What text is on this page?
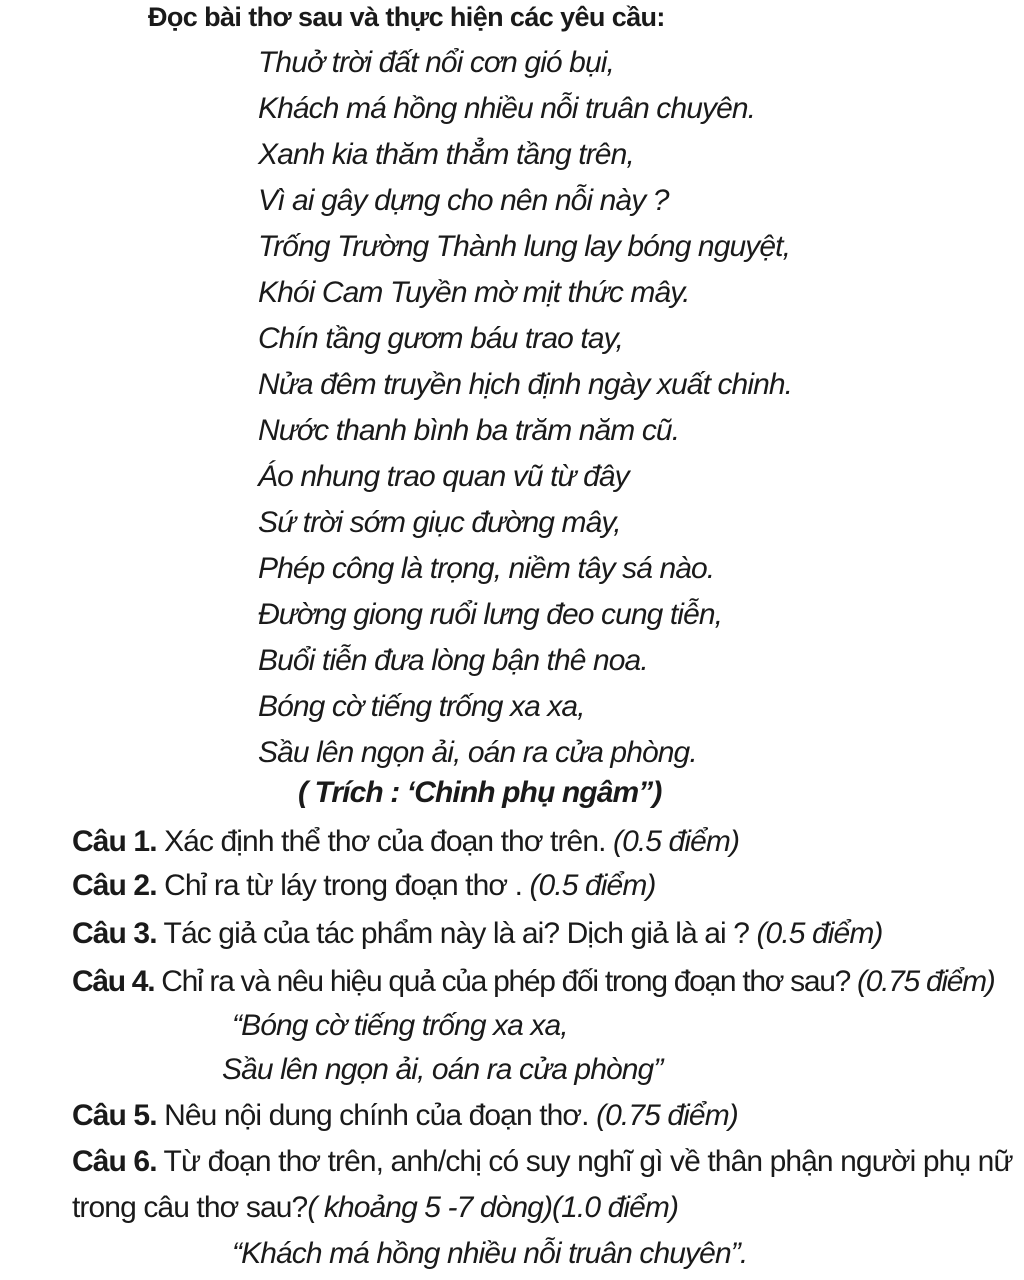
Đọc bài thơ sau và thực hiện các yêu cầu:
Thuở trời đất nổi cơn gió bụi,
Khách má hồng nhiều nỗi truân chuyên.
Xanh kia thăm thẳm tầng trên,
Vì ai gây dựng cho nên nỗi này ?
Trống Trường Thành lung lay bóng nguyệt,
Khói Cam Tuyền mờ mịt thức mây.
Chín tầng gươm báu trao tay,
Nửa đêm truyền hịch định ngày xuất chinh.
Nước thanh bình ba trăm năm cũ.
Áo nhung trao quan vũ từ đây
Sứ trời sớm giục đường mây,
Phép công là trọng, niềm tây sá nào.
Đường giong ruổi lưng đeo cung tiễn,
Buổi tiễn đưa lòng bận thê noa.
Bóng cờ tiếng trống xa xa,
Sầu lên ngọn ải, oán ra cửa phòng.
( Trích : ‘Chinh phụ ngâm”)
Câu 1. Xác định thể thơ của đoạn thơ trên. (0.5 điểm)
Câu 2. Chỉ ra từ láy trong đoạn thơ . (0.5 điểm)
Câu 3. Tác giả của tác phẩm này là ai? Dịch giả là ai ? (0.5 điểm)
Câu 4. Chỉ ra và nêu hiệu quả của phép đối trong đoạn thơ sau? (0.75 điểm)
“Bóng cờ tiếng trống xa xa,
Sầu lên ngọn ải, oán ra cửa phòng”
Câu 5. Nêu nội dung chính của đoạn thơ. (0.75 điểm)
Câu 6. Từ đoạn thơ trên, anh/chị có suy nghĩ gì về thân phận người phụ nữ
trong câu thơ sau?( khoảng 5 -7 dòng)(1.0 điểm)
“Khách má hồng nhiều nỗi truân chuyên”.
